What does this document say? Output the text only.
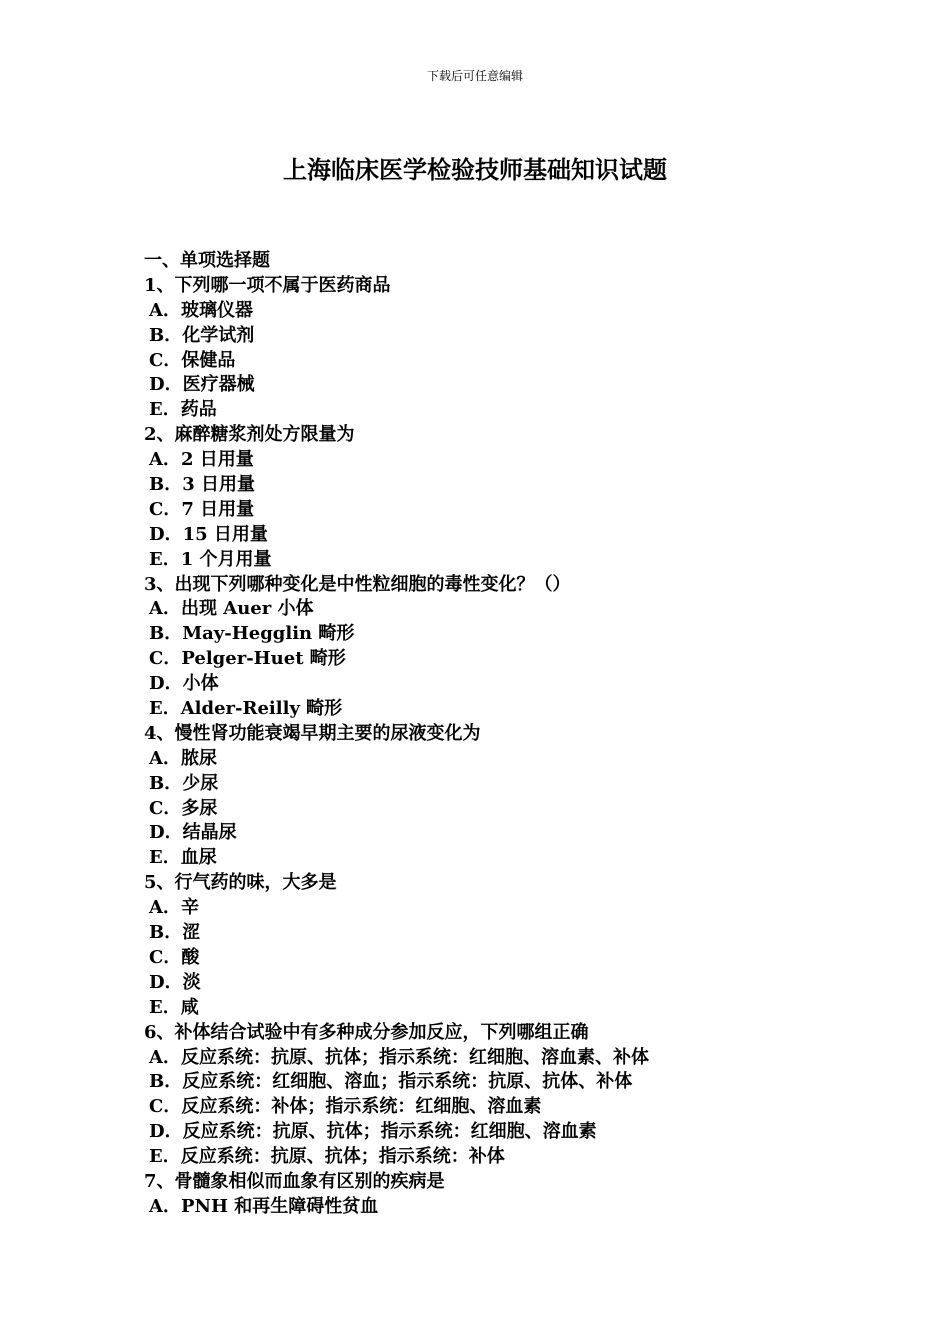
下载后可任意编辑
上海临床医学检验技师基础知识试题
一、单项选择题
1、下列哪一项不属于医药商品
A．玻璃仪器
B．化学试剂
C．保健品
D．医疗器械
E．药品
2、麻醉糖浆剂处方限量为
A．2 日用量
B．3 日用量
C．7 日用量
D．15 日用量
E．1 个月用量
3、出现下列哪种变化是中性粒细胞的毒性变化？（）
A．出现 Auer 小体
B．May-Hegglin 畸形
C．Pelger-Huet 畸形
D．小体
E．Alder-Reilly 畸形
4、慢性肾功能衰竭早期主要的尿液变化为
A．脓尿
B．少尿
C．多尿
D．结晶尿
E．血尿
5、行气药的味，大多是
A．辛
B．涩
C．酸
D．淡
E．咸
6、补体结合试验中有多种成分参加反应，下列哪组正确
A．反应系统：抗原、抗体；指示系统：红细胞、溶血素、补体
B．反应系统：红细胞、溶血；指示系统：抗原、抗体、补体
C．反应系统：补体；指示系统：红细胞、溶血素
D．反应系统：抗原、抗体；指示系统：红细胞、溶血素
E．反应系统：抗原、抗体；指示系统：补体
7、骨髓象相似而血象有区别的疾病是
A．PNH 和再生障碍性贫血
